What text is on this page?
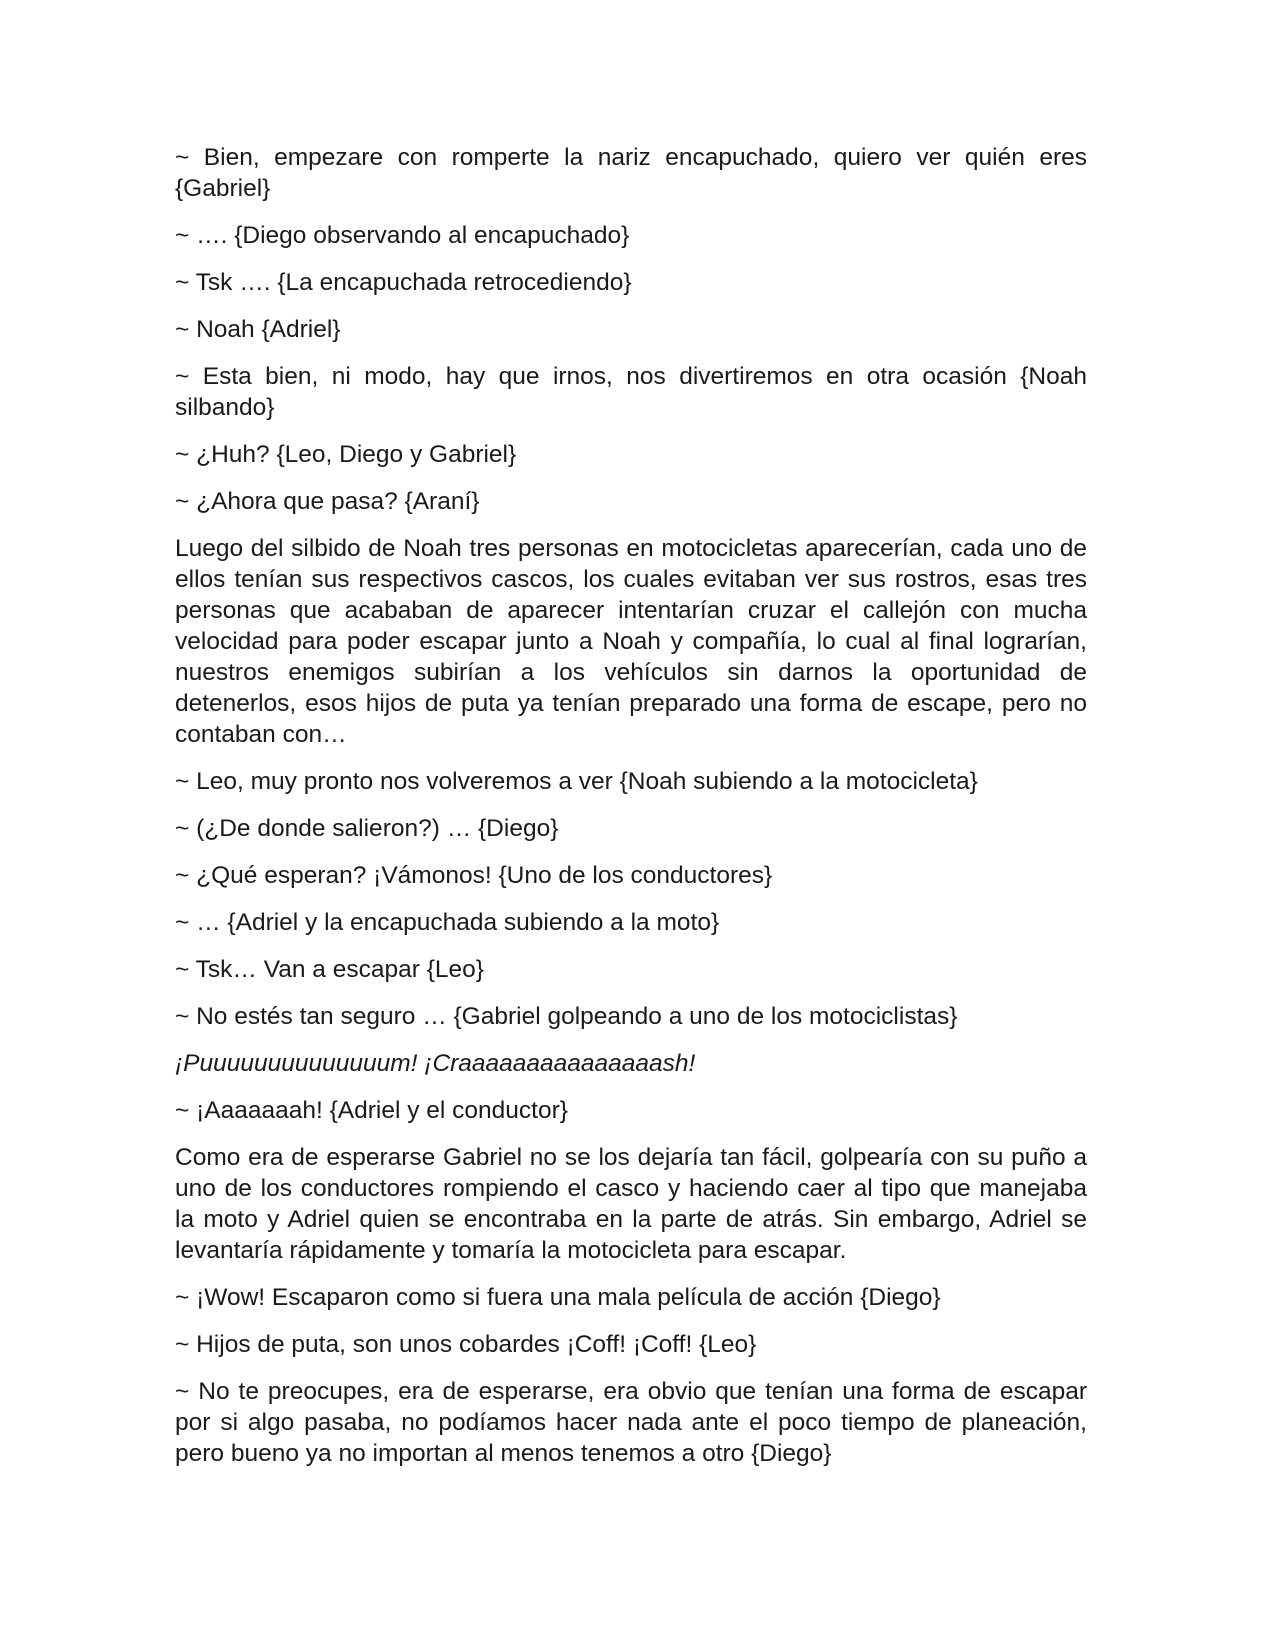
~ Bien, empezare con romperte la nariz encapuchado, quiero ver quién eres {Gabriel}

~ …. {Diego observando al encapuchado}

~ Tsk …. {La encapuchada retrocediendo}

~ Noah {Adriel}

~ Esta bien, ni modo, hay que irnos, nos divertiremos en otra ocasión {Noah silbando}

~ ¿Huh? {Leo, Diego y Gabriel}

~ ¿Ahora que pasa? {Araní}

Luego del silbido de Noah tres personas en motocicletas aparecerían, cada uno de ellos tenían sus respectivos cascos, los cuales evitaban ver sus rostros, esas tres personas que acababan de aparecer intentarían cruzar el callejón con mucha velocidad para poder escapar junto a Noah y compañía, lo cual al final lograrían, nuestros enemigos subirían a los vehículos sin darnos la oportunidad de detenerlos, esos hijos de puta ya tenían preparado una forma de escape, pero no contaban con…

~ Leo, muy pronto nos volveremos a ver {Noah subiendo a la motocicleta}

~ (¿De donde salieron?) … {Diego}

~ ¿Qué esperan? ¡Vámonos! {Uno de los conductores}

~ … {Adriel y la encapuchada subiendo a la moto}

~ Tsk… Van a escapar {Leo}

~ No estés tan seguro … {Gabriel golpeando a uno de los motociclistas}

¡Puuuuuuuuuuuuuum! ¡Craaaaaaaaaaaaaaash!

~ ¡Aaaaaaah! {Adriel y el conductor}

Como era de esperarse Gabriel no se los dejaría tan fácil, golpearía con su puño a uno de los conductores rompiendo el casco y haciendo caer al tipo que manejaba la moto y Adriel quien se encontraba en la parte de atrás. Sin embargo, Adriel se levantaría rápidamente y tomaría la motocicleta para escapar.

~ ¡Wow! Escaparon como si fuera una mala película de acción {Diego}

~ Hijos de puta, son unos cobardes ¡Coff! ¡Coff! {Leo}

~ No te preocupes, era de esperarse, era obvio que tenían una forma de escapar por si algo pasaba, no podíamos hacer nada ante el poco tiempo de planeación, pero bueno ya no importan al menos tenemos a otro {Diego}
